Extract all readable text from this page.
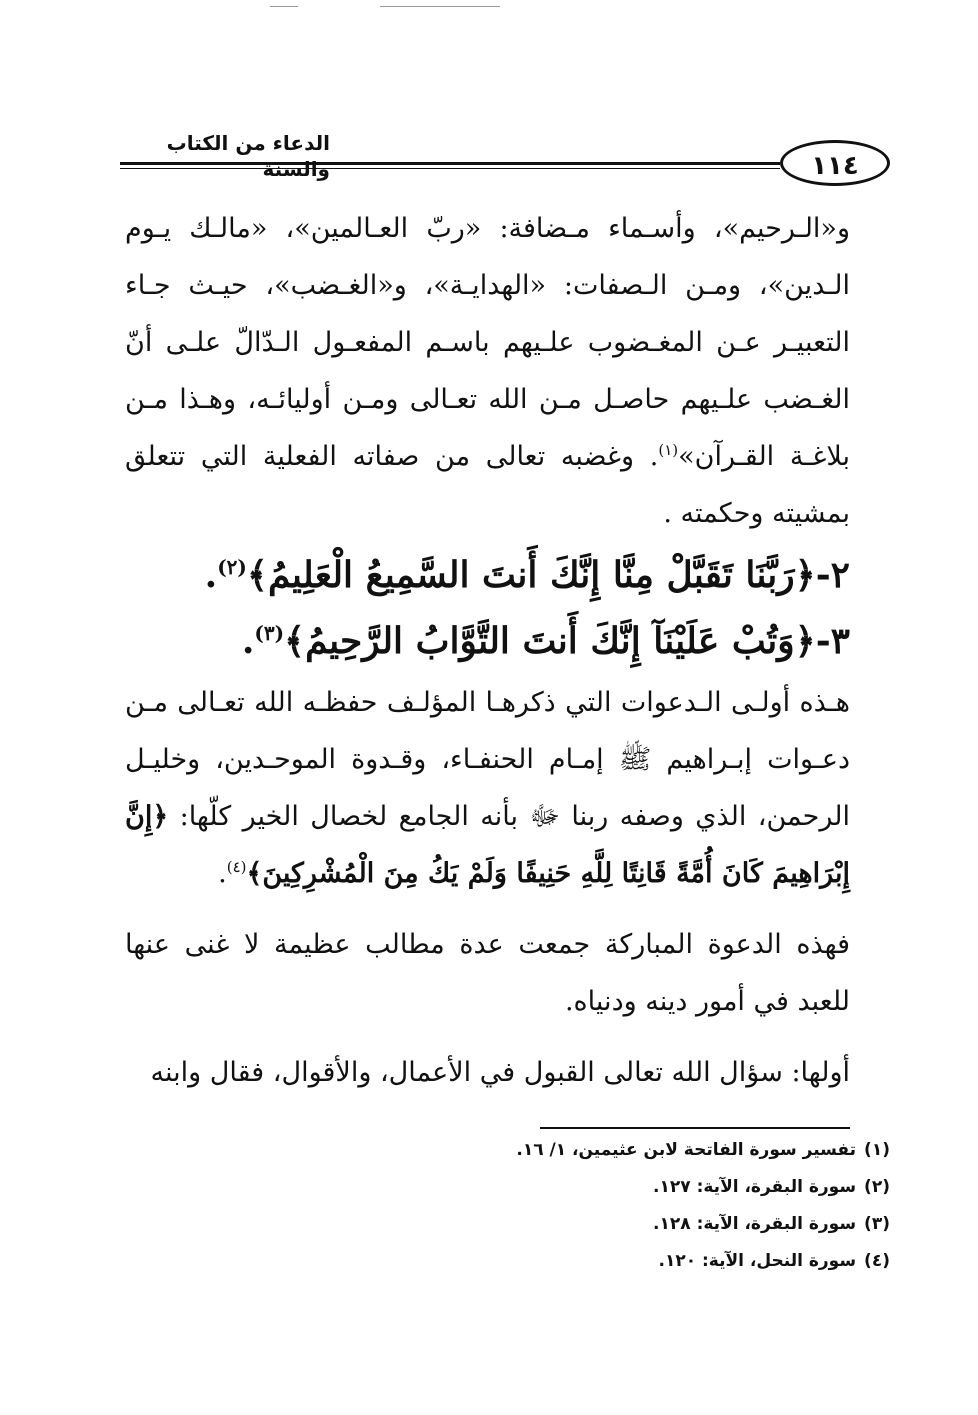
الدعاء من الكتاب والسنة	١١٤

و«الـرحيم»، وأسـماء مـضافة: «ربّ العـالمين»، «مالـك يـوم الـدين»، ومـن الـصفات: «الهدايـة»، و«الغـضب»، حيـث جـاء التعبيـر عـن المغـضوب علـيهم باسـم المفعـول الـدّالّ علـى أنّ الغـضب علـيهم حاصـل مـن الله تعـالى ومـن أوليائـه، وهـذا مـن بلاغـة القـرآن»$^{(١)}$. وغضبه تعالى من صفاته الفعلية التي تتعلق بمشيته وحكمته .

٢-﴿رَبَّنَا تَقَبَّلْ مِنَّا إِنَّكَ أَنتَ السَّمِيعُ الْعَلِيمُ﴾$^{(٢)}$.

٣-﴿وَتُبْ عَلَيْنَآ إِنَّكَ أَنتَ التَّوَّابُ الرَّحِيمُ﴾$^{(٣)}$.

هـذه أولـى الـدعوات التي ذكرهـا المؤلـف حفظـه الله تعـالى مـن دعـوات إبـراهيم ﷺ إمـام الحنفـاء، وقـدوة الموحـدين، وخليـل الرحمن، الذي وصفه ربنا ﷻ بأنه الجامع لخصال الخير كلّها: ﴿إِنَّ إِبْرَاهِيمَ كَانَ أُمَّةً قَانِتًا لِلَّهِ حَنِيفًا وَلَمْ يَكُ مِنَ الْمُشْرِكِينَ﴾$^{(٤)}$.

فهذه الدعوة المباركة جمعت عدة مطالب عظيمة لا غنى عنها للعبد في أمور دينه ودنياه.

أولها: سؤال الله تعالى القبول في الأعمال، والأقوال، فقال وابنه

(١)تفسير سورة الفاتحة لابن عثيمين، ١/ ١٦.
(٢)سورة البقرة، الآية: ١٢٧.
(٣)سورة البقرة، الآية: ١٢٨.
(٤)سورة النحل، الآية: ١٢٠.
